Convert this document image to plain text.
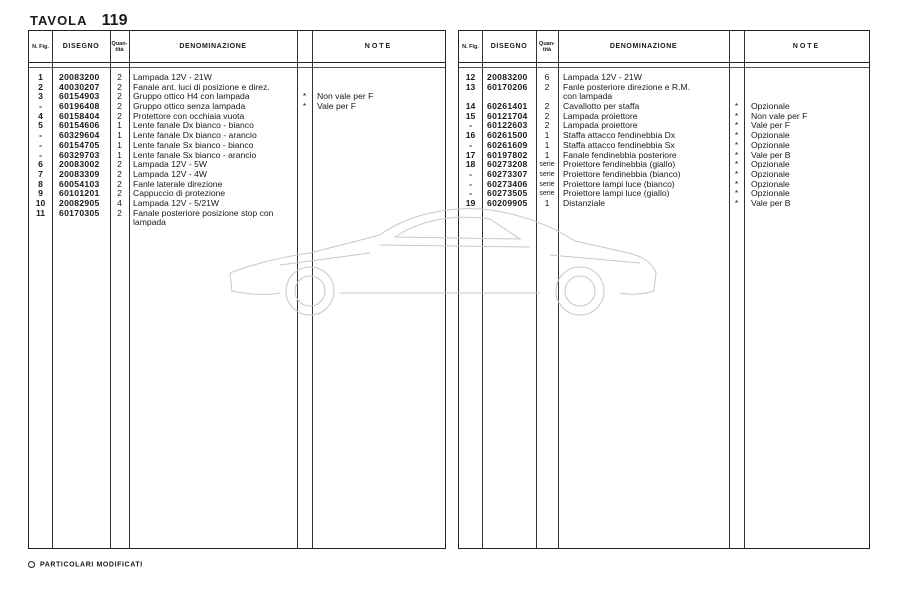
TAVOLA 119
N. Fig.	DISEGNO	Quan-
tità	DENOMINAZIONE	NOTE
1	20083200	2	Lampada 12V - 21W
2	40030207	2	Fanale ant. luci di posizione e direz.
3	60154903	2	Gruppo ottico H4 con lampada	*	Non vale per F
-	60196408	2	Gruppo ottico senza lampada	*	Vale per F
4	60158404	2	Protettore con occhiaia vuota
5	60154606	1	Lente fanale Dx bianco - bianco
-	60329604	1	Lente fanale Dx bianco - arancio
-	60154705	1	Lente fanale Sx bianco - bianco
-	60329703	1	Lente fanale Sx bianco - arancio
6	20083002	2	Lampada 12V - 5W
7	20083309	2	Lampada 12V - 4W
8	60054103	2	Fanle laterale direzione
9	60101201	2	Cappuccio di protezione
10	20082905	4	Lampada 12V - 5/21W
11	60170305	2	Fanale posteriore posizione stop con
lampada
N. Fig.	DISEGNO	Quan-
tità	DENOMINAZIONE	NOTE
12	20083200	6	Lampada 12V - 21W
13	60170206	2	Fanle posteriore direzione e R.M.
con lampada
14	60261401	2	Cavallotto per staffa	*	Opzionale
15	60121704	2	Lampada proiettore	*	Non vale per F
-	60122603	2	Lampada proiettore	*	Vale per F
16	60261500	1	Staffa attacco fendinebbia Dx	*	Opzionale
-	60261609	1	Staffa attacco fendinebbia Sx	*	Opzionale
17	60197802	1	Fanale fendinebbia posteriore	*	Vale per B
18	60273208	serie Proiettore fendinebbia (giallo)	*	Opzionale
-	60273307	serie Proiettore fendinebbia (bianco)	*	Opzionale
-	60273406	serie Proiettore lampi luce (bianco)	*	Opzionale
-	60273505	serie Proiettore lampi luce (giallo)	*	Opzionale
19	60209905	1	Distanziale	*	Vale per B
PARTICOLARI MODIFICATI
